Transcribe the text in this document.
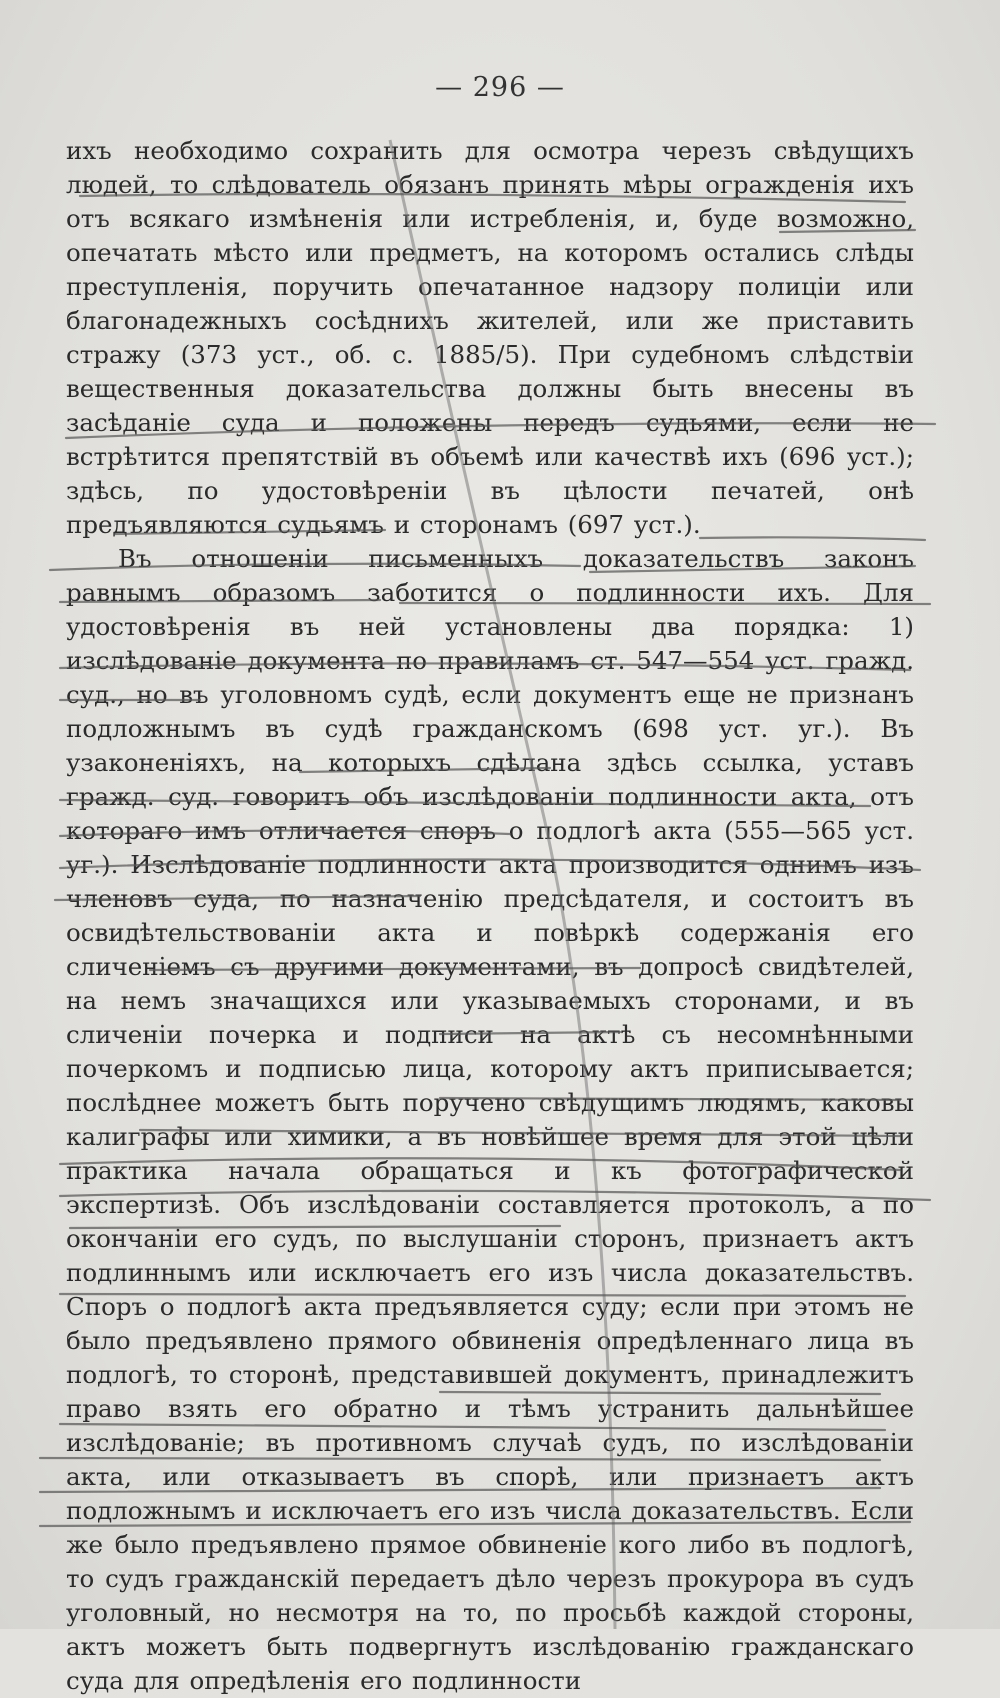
— 296 —

ихъ необходимо сохранить для осмотра черезъ свѣдущихъ людей, то слѣдователь обязанъ принять мѣры огражденія ихъ отъ всякаго измѣненія или истребленія, и, буде возможно, опечатать мѣсто или предметъ, на которомъ остались слѣды преступленія, поручить опечатанное надзору полиціи или благонадежныхъ сосѣднихъ жителей, или же приставить стражу (373 уст., об. с. 1885/5). При судебномъ слѣдствіи вещественныя доказательства должны быть внесены въ засѣданіе суда и положены передъ судьями, если не встрѣтится препятствій въ объемѣ или качествѣ ихъ (696 уст.); здѣсь, по удостовѣреніи въ цѣлости печатей, онѣ предъявляются судьямъ и сторонамъ (697 уст.).

Въ отношеніи письменныхъ доказательствъ законъ равнымъ образомъ заботится о подлинности ихъ. Для удостовѣренія въ ней установлены два порядка: 1) изслѣдованіе документа по правиламъ ст. 547—554 уст. гражд. суд., но въ уголовномъ судѣ, если документъ еще не признанъ подложнымъ въ судѣ гражданскомъ (698 уст. уг.). Въ узаконеніяхъ, на которыхъ сдѣлана здѣсь ссылка, уставъ гражд. суд. говоритъ объ изслѣдованіи подлинности акта, отъ котораго имъ отличается споръ о подлогѣ акта (555—565 уст. уг.). Изслѣдованіе подлинности акта производится однимъ изъ членовъ суда, по назначенію предсѣдателя, и состоитъ въ освидѣтельствованіи акта и повѣркѣ содержанія его сличеніемъ съ другими документами, въ допросѣ свидѣтелей, на немъ значащихся или указываемыхъ сторонами, и въ сличеніи почерка и подписи на актѣ съ несомнѣнными почеркомъ и подписью лица, которому актъ приписывается; послѣднее можетъ быть поручено свѣдущимъ людямъ, каковы калиграфы или химики, а въ новѣйшее время для этой цѣли практика начала обращаться и къ фотографической экспертизѣ. Объ изслѣдованіи составляется протоколъ, а по окончаніи его судъ, по выслушаніи сторонъ, признаетъ актъ подлиннымъ или исключаетъ его изъ числа доказательствъ. Споръ о подлогѣ акта предъявляется суду; если при этомъ не было предъявлено прямого обвиненія опредѣленнаго лица въ подлогѣ, то сторонѣ, представившей документъ, принадлежитъ право взять его обратно и тѣмъ устранить дальнѣйшее изслѣдованіе; въ противномъ случаѣ судъ, по изслѣдованіи акта, или отказываетъ въ спорѣ, или признаетъ актъ подложнымъ и исключаетъ его изъ числа доказательствъ. Если же было предъявлено прямое обвиненіе кого либо въ подлогѣ, то судъ гражданскій передаетъ дѣло черезъ прокурора въ судъ уголовный, но несмотря на то, по просьбѣ каждой стороны, актъ можетъ быть подвергнутъ изслѣдованію гражданскаго суда для опредѣленія его подлинности
